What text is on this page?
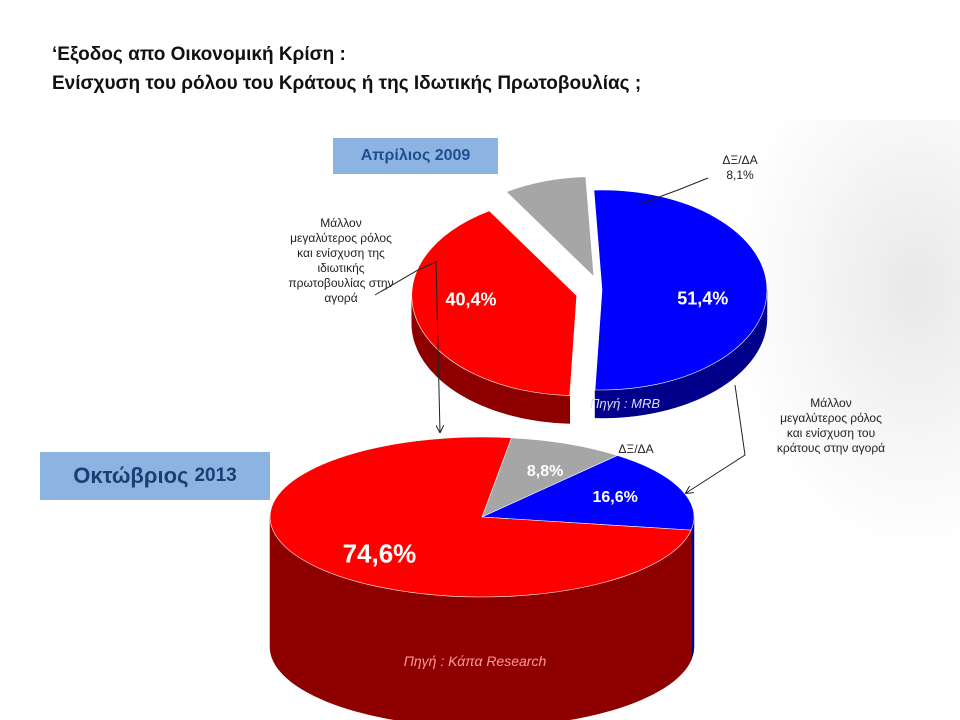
‘Εξοδος απο Οικονομική Κρίση :
Ενίσχυση του ρόλου του Κράτους ή της Ιδωτικής Πρωτοβουλίας ;
Απρίλιος 2009
Οκτώβριος 2013
51,4%
40,4%
Πηγή : MRB
8,8%
16,6%
74,6%
Πηγή : Κάπα Research
Μάλλον
μεγαλύτερος ρόλος
και ενίσχυση της
ιδιωτικής
πρωτοβουλίας στην
αγορά
Μάλλον
μεγαλύτερος ρόλος
και ενίσχυση του
κράτους στην αγορά
ΔΞ/ΔΑ
8,1%
ΔΞ/ΔΑ
